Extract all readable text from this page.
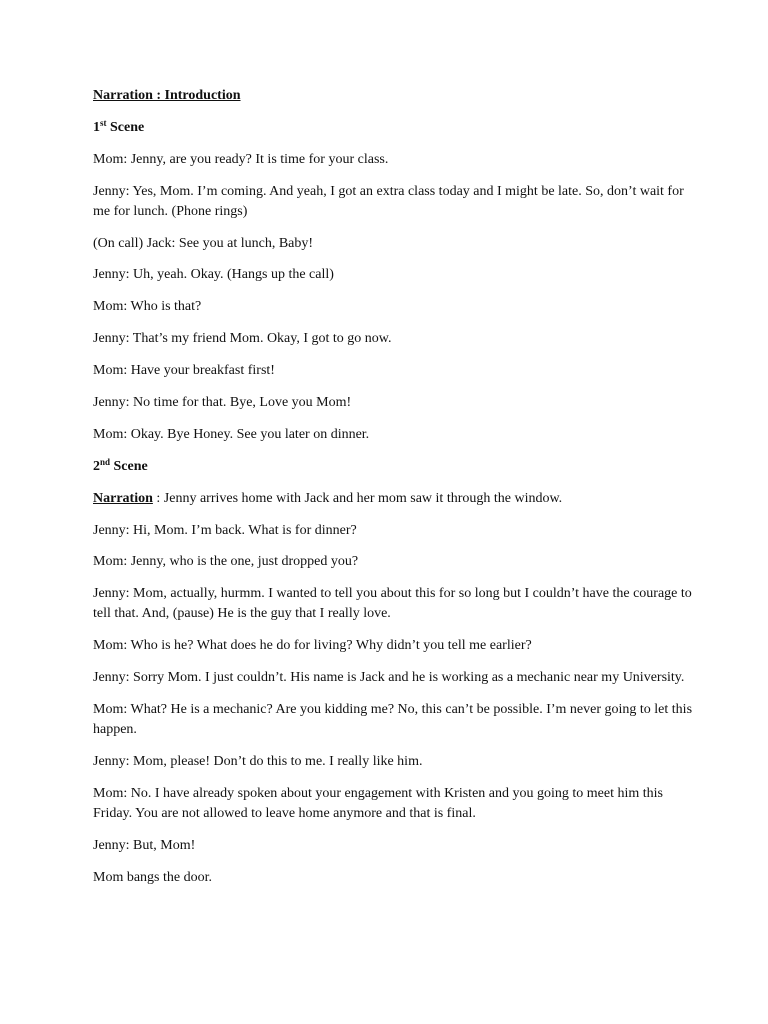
Narration : Introduction

1st Scene

Mom: Jenny, are you ready? It is time for your class.

Jenny: Yes, Mom. I’m coming. And yeah, I got an extra class today and I might be late. So, don’t wait for me for lunch. (Phone rings)

(On call) Jack: See you at lunch, Baby!

Jenny: Uh, yeah. Okay. (Hangs up the call)

Mom: Who is that?

Jenny: That’s my friend Mom. Okay, I got to go now.

Mom: Have your breakfast first!

Jenny: No time for that. Bye, Love you Mom!

Mom: Okay. Bye Honey. See you later on dinner.

2nd Scene

Narration : Jenny arrives home with Jack and her mom saw it through the window.

Jenny: Hi, Mom. I’m back. What is for dinner?

Mom: Jenny, who is the one, just dropped you?

Jenny: Mom, actually, hurmm. I wanted to tell you about this for so long but I couldn’t have the courage to tell that. And, (pause) He is the guy that I really love.

Mom: Who is he? What does he do for living? Why didn’t you tell me earlier?

Jenny: Sorry Mom. I just couldn’t. His name is Jack and he is working as a mechanic near my University.

Mom: What? He is a mechanic? Are you kidding me? No, this can’t be possible. I’m never going to let this happen.

Jenny: Mom, please! Don’t do this to me. I really like him.

Mom: No. I have already spoken about your engagement with Kristen and you going to meet him this Friday. You are not allowed to leave home anymore and that is final.

Jenny: But, Mom!

Mom bangs the door.
